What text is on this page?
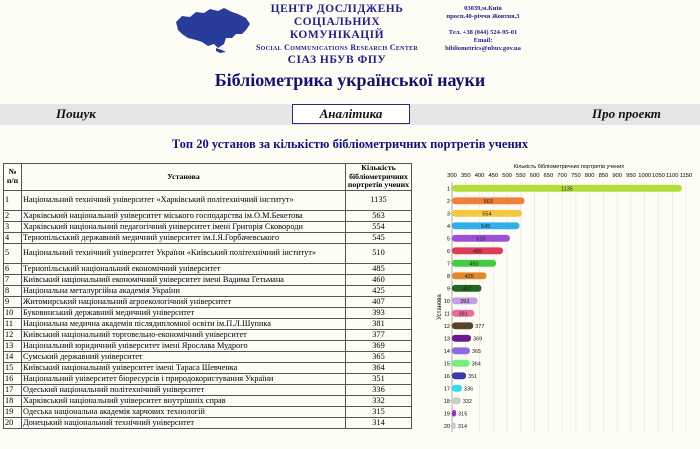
ЦЕНТР ДОСЛІДЖЕНЬ
СОЦІАЛЬНИХ КОМУНІКАЦІЙ
Social Communications Research Center
СІАЗ НБУВ ФПУ
03039,м.Київ
просп.40-річчя Жовтня,3
Тел. +38 (044) 524-95-01
Email:
bibliometrics@nbuv.gov.ua
Бібліометрика української науки
Пошук	Аналітика	Про проект
Топ 20 установ за кількістю бібліометричних портретів учених
№ п/п	Установа	Кількість бібліометричних портретів учених
1	Національний технічний університет «Харківський політехнічний інститут»	1135
2	Харківський національний університет міського господарства ім.О.М.Бекетова	563
3	Харківський національний педагогічний університет імені Григорія Сковороди	554
4	Тернопільський державний медичний університет ім.І.Я.Горбачевського	545
5	Національний технічний університет України «Київський політехнічний інститут»	510
6	Тернопільський національний економічний університет	485
7	Київський національний економічний університет імені Вадима Гетьмана	460
8	Національна металургійна академія України	425
9	Житомирський національний агроекологічний університет	407
10	Буковинський державний медичний університет	393
11	Національна медична академія післядипломної освіти ім.П.Л.Шупика	381
12	Київський національний торговельно-економічний університет	377
13	Національний юридичний університет імені Ярослава Мудрого	369
14	Сумський державний університет	365
15	Київський національний університет імені Тараса Шевченка	364
16	Національний університет біоресурсів і природокористування України	351
17	Одеський національний політехнічний університет	336
18	Харківський національний університет внутрішніх справ	332
19	Одеська національна академія харчових технологій	315
20	Донецький національний технічний університет	314
Кількість бібліометричних портретів учених
300 350 400 450 500 550 600 650 700 750 800 850 900 950 1000 1050 1100 1150
Установа
1	1135
2	563
3	554
4	545
5	510
6	485
7	460
8	425
9 407
10 393
11 381
12	377
13	369
14	365
15	364
16	351
17	336
18 332
19 315
20 314
